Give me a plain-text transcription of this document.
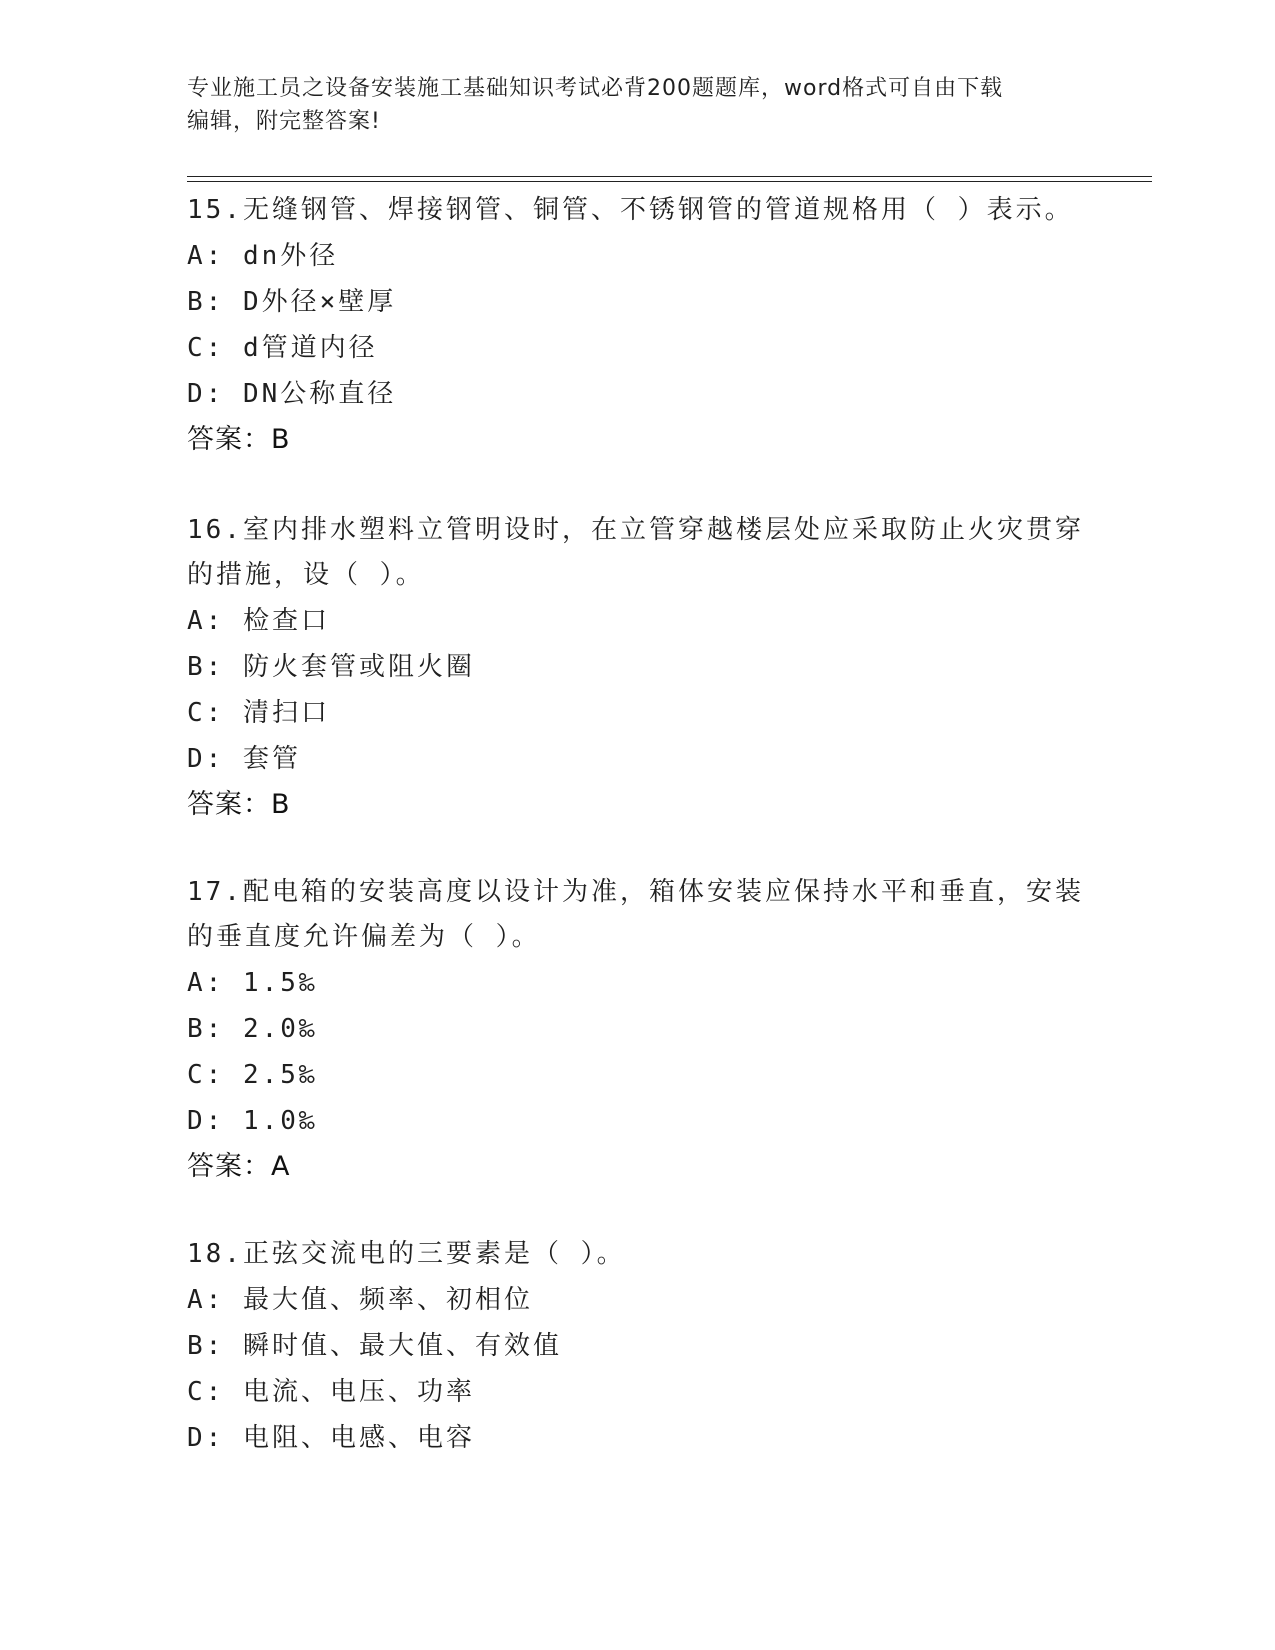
专业施工员之设备安装施工基础知识考试必背200题题库，word格式可自由下载
编辑，附完整答案!
15.无缝钢管、焊接钢管、铜管、不锈钢管的管道规格用（ ）表示。
A: dn外径
B: D外径×壁厚
C: d管道内径
D: DN公称直径
答案：B
16.室内排水塑料立管明设时，在立管穿越楼层处应采取防止火灾贯穿
的措施，设（ ）。
A: 检查口
B: 防火套管或阻火圈
C: 清扫口
D: 套管
答案：B
17.配电箱的安装高度以设计为准，箱体安装应保持水平和垂直，安装
的垂直度允许偏差为（ ）。
A: 1.5‰
B: 2.0‰
C: 2.5‰
D: 1.0‰
答案：A
18.正弦交流电的三要素是（ ）。
A: 最大值、频率、初相位
B: 瞬时值、最大值、有效值
C: 电流、电压、功率
D: 电阻、电感、电容
